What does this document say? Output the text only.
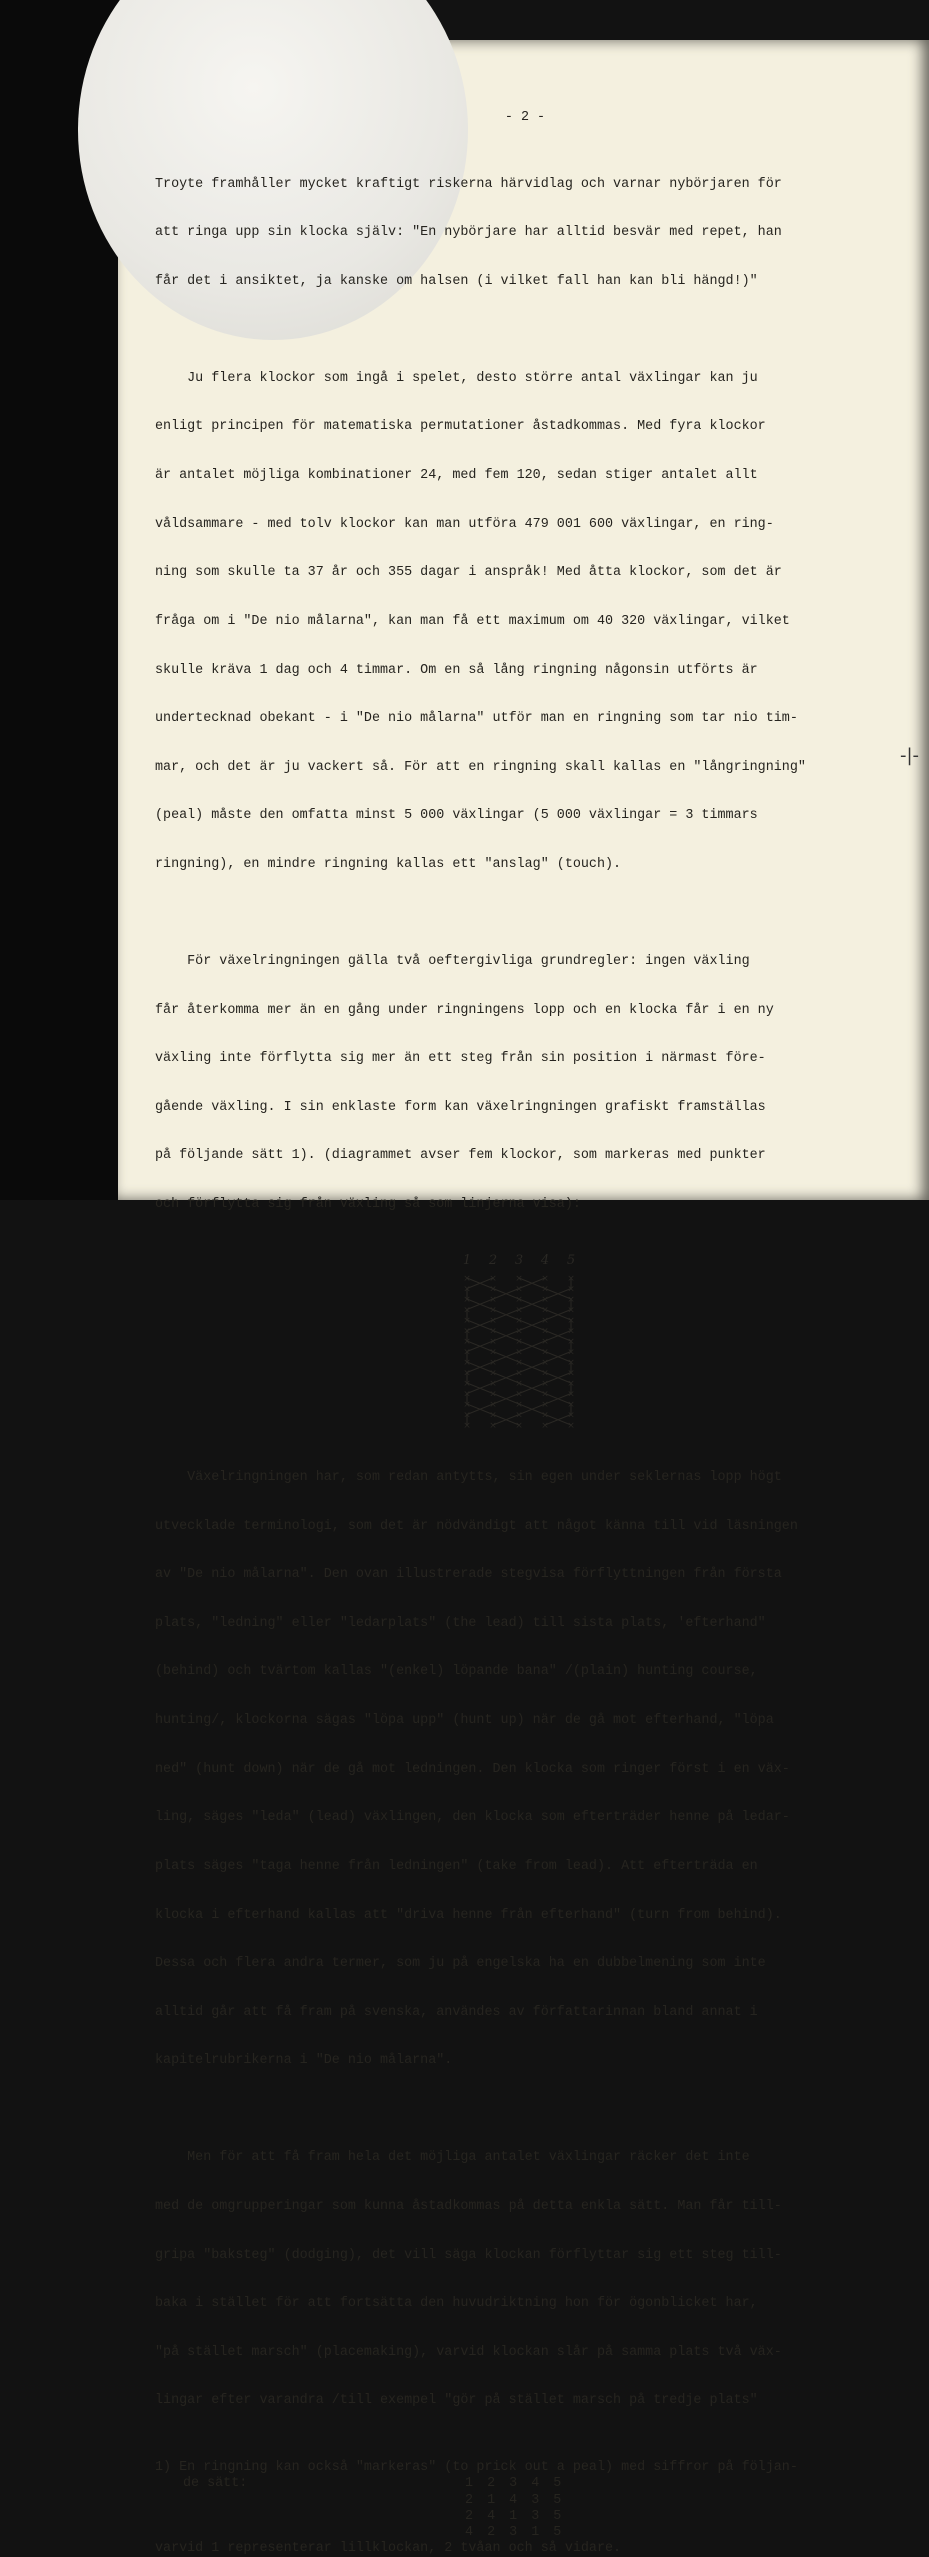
- 2 -

Troyte framhåller mycket kraftigt riskerna härvidlag och varnar nybörjaren för

att ringa upp sin klocka själv: "En nybörjare har alltid besvär med repet, han

får det i ansiktet, ja kanske om halsen (i vilket fall han kan bli hängd!)"

Ju flera klockor som ingå i spelet, desto större antal växlingar kan ju

enligt principen för matematiska permutationer åstadkommas. Med fyra klockor

är antalet möjliga kombinationer 24, med fem 120, sedan stiger antalet allt

våldsammare - med tolv klockor kan man utföra 479 001 600 växlingar, en ring-

ning som skulle ta 37 år och 355 dagar i anspråk! Med åtta klockor, som det är

fråga om i "De nio målarna", kan man få ett maximum om 40 320 växlingar, vilket

skulle kräva 1 dag och 4 timmar. Om en så lång ringning någonsin utförts är

undertecknad obekant - i "De nio målarna" utför man en ringning som tar nio tim-

mar, och det är ju vackert så. För att en ringning skall kallas en "långringning"

(peal) måste den omfatta minst 5 000 växlingar (5 000 växlingar = 3 timmars

ringning), en mindre ringning kallas ett "anslag" (touch).

För växelringningen gälla två oeftergivliga grundregler: ingen växling

får återkomma mer än en gång under ringningens lopp och en klocka får i en ny

växling inte förflytta sig mer än ett steg från sin position i närmast före-

gående växling. I sin enklaste form kan växelringningen grafiskt framställas

på följande sätt 1). (diagrammet avser fem klockor, som markeras med punkter

och förflytta sig från växling så som linjerna visa):

1 2 3 4 5
× × × × ×
× × × × ×
× × × × ×
× × × × ×
× × × × ×
× × × × ×
× × × × ×
× × × × ×
× × × × ×
× × × × ×
× × × × ×
× × × × ×
× × × × ×
× × × × ×
× × × × ×

Växelringningen har, som redan antytts, sin egen under seklernas lopp högt

utvecklade terminologi, som det är nödvändigt att något känna till vid läsningen

av "De nio målarna". Den ovan illustrerade stegvisa förflyttningen från första

plats, "ledning" eller "ledarplats" (the lead) till sista plats, 'efterhand"

(behind) och tvärtom kallas "(enkel) löpande bana" /(plain) hunting course,

hunting/, klockorna sägas "löpa upp" (hunt up) när de gå mot efterhand, "löpa

ned" (hunt down) när de gå mot ledningen. Den klocka som ringer först i en väx-

ling, säges "leda" (lead) växlingen, den klocka som efterträder henne på ledar-

plats säges "taga henne från ledningen" (take from lead). Att efterträda en

klocka i efterhand kallas att "driva henne från efterhand" (turn from behind).

Dessa och flera andra termer, som ju på engelska ha en dubbelmening som inte

alltid går att få fram på svenska, användes av författarinnan bland annat i

kapitelrubrikerna i "De nio målarna".

Men för att få fram hela det möjliga antalet växlingar räcker det inte

med de omgrupperingar som kunna åstadkommas på detta enkla sätt. Man får till-

gripa "baksteg" (dodging), det vill säga klockan förflyttar sig ett steg till-

baka i stället för att fortsätta den huvudriktning hon för ögonblicket har,

"på stället marsch" (placemaking), varvid klockan slår på samma plats två väx-

lingar efter varandra /till exempel "gör på stället marsch på tredje plats"

1) En ringning kan också "markeras" (to prick out a peal) med siffror på följan-
de sätt:	1 2 3 4 5
2 1 4 3 5
2 4 1 3 5
4 2 3 1 5
varvid 1 representerar lillklockan, 2 tvåan och så vidare.
-|-
